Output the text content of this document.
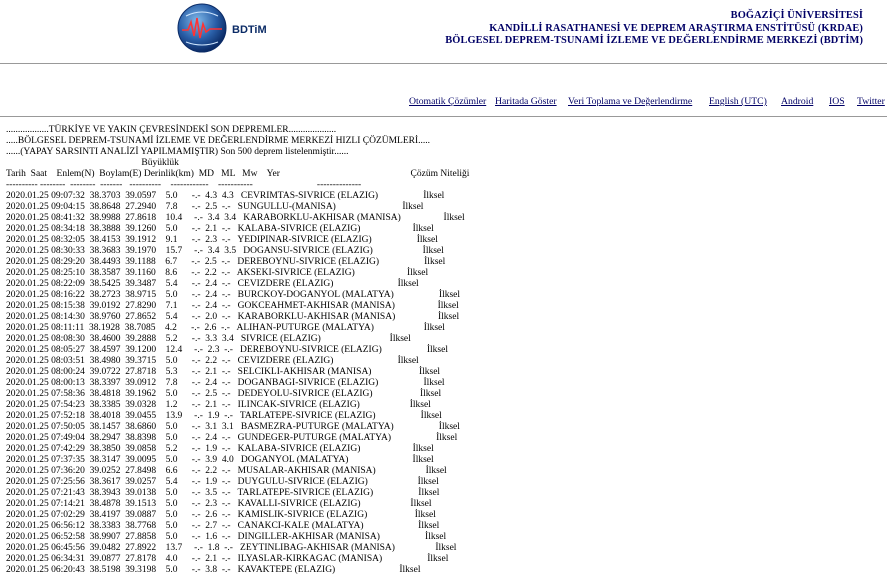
BDTiM
BOĞAZİÇİ ÜNİVERSİTESİ
KANDİLLİ RASATHANESİ VE DEPREM ARAŞTIRMA ENSTİTÜSÜ (KRDAE)
BÖLGESEL DEPREM-TSUNAMİ İZLEME VE DEĞERLENDİRME MERKEZİ (BDTİM)
Otomatik Çözümler Haritada Göster Veri Toplama ve Değerlendirme English (UTC) Android IOS Twitter
..................TÜRKİYE VE YAKIN ÇEVRESİNDEKİ SON DEPREMLER....................
.....BÖLGESEL DEPREM-TSUNAMİ İZLEME VE DEĞERLENDİRME MERKEZİ HIZLI ÇÖZÜMLERİ.....
......(YAPAY SARSINTI ANALİZİ YAPILMAMIŞTIR) Son 500 deprem listelenmiştir......
Büyüklük
Tarih  Saat    Enlem(N)  Boylam(E) Derinlik(km)  MD   ML   Mw    Yer                                                       Çözüm Niteliği
---------- --------  --------  -------   ----------    ------------    -----------                           --------------
2020.01.25 09:07:32  38.3703  39.0597    5.0      -.-  4.3  4.3   CEVRIMTAS-SIVRICE (ELAZIG)                   İlksel
2020.01.25 09:04:15  38.8648  27.2940    7.8      -.-  2.5  -.-   SUNGULLU-(MANISA)                            İlksel
2020.01.25 08:41:32  38.9988  27.8618    10.4     -.-  3.4  3.4   KARABORKLU-AKHISAR (MANISA)                  İlksel
2020.01.25 08:34:18  38.3888  39.1260    5.0      -.-  2.1  -.-   KALABA-SIVRICE (ELAZIG)                      İlksel
2020.01.25 08:32:05  38.4153  39.1912    9.1      -.-  2.3  -.-   YEDIPINAR-SIVRICE (ELAZIG)                   İlksel
2020.01.25 08:30:33  38.3683  39.1970    15.7     -.-  3.4  3.5   DOGANSU-SIVRICE (ELAZIG)                     İlksel
2020.01.25 08:29:20  38.4493  39.1188    6.7      -.-  2.5  -.-   DEREBOYNU-SIVRICE (ELAZIG)                   İlksel
2020.01.25 08:25:10  38.3587  39.1160    8.6      -.-  2.2  -.-   AKSEKI-SIVRICE (ELAZIG)                      İlksel
2020.01.25 08:22:09  38.5425  39.3487    5.4      -.-  2.4  -.-   CEVIZDERE (ELAZIG)                           İlksel
2020.01.25 08:16:22  38.2723  38.9715    5.0      -.-  2.4  -.-   BURCKOY-DOGANYOL (MALATYA)                   İlksel
2020.01.25 08:15:38  39.0192  27.8290    7.1      -.-  2.4  -.-   GOKCEAHMET-AKHISAR (MANISA)                  İlksel
2020.01.25 08:14:30  38.9760  27.8652    5.4      -.-  2.0  -.-   KARABORKLU-AKHISAR (MANISA)                  İlksel
2020.01.25 08:11:11  38.1928  38.7085    4.2      -.-  2.6  -.-   ALIHAN-PUTURGE (MALATYA)                     İlksel
2020.01.25 08:08:30  38.4600  39.2888    5.2      -.-  3.3  3.4   SIVRICE (ELAZIG)                             İlksel
2020.01.25 08:05:27  38.4597  39.1200    12.4     -.-  2.3  -.-   DEREBOYNU-SIVRICE (ELAZIG)                   İlksel
2020.01.25 08:03:51  38.4980  39.3715    5.0      -.-  2.2  -.-   CEVIZDERE (ELAZIG)                           İlksel
2020.01.25 08:00:24  39.0722  27.8718    5.3      -.-  2.1  -.-   SELCIKLI-AKHISAR (MANISA)                    İlksel
2020.01.25 08:00:13  38.3397  39.0912    7.8      -.-  2.4  -.-   DOGANBAGI-SIVRICE (ELAZIG)                   İlksel
2020.01.25 07:58:36  38.4818  39.1962    5.0      -.-  2.5  -.-   DEDEYOLU-SIVRICE (ELAZIG)                    İlksel
2020.01.25 07:54:23  38.3385  39.0328    1.2      -.-  2.1  -.-   ILINCAK-SIVRICE (ELAZIG)                     İlksel
2020.01.25 07:52:18  38.4018  39.0455    13.9     -.-  1.9  -.-   TARLATEPE-SIVRICE (ELAZIG)                   İlksel
2020.01.25 07:50:05  38.1457  38.6860    5.0      -.-  3.1  3.1   BASMEZRA-PUTURGE (MALATYA)                   İlksel
2020.01.25 07:49:04  38.2947  38.8398    5.0      -.-  2.4  -.-   GUNDEGER-PUTURGE (MALATYA)                   İlksel
2020.01.25 07:42:29  38.3850  39.0858    5.2      -.-  1.9  -.-   KALABA-SIVRICE (ELAZIG)                      İlksel
2020.01.25 07:37:35  38.3147  39.0095    5.0      -.-  3.9  4.0   DOGANYOL (MALATYA)                           İlksel
2020.01.25 07:36:20  39.0252  27.8498    6.6      -.-  2.2  -.-   MUSALAR-AKHISAR (MANISA)                     İlksel
2020.01.25 07:25:56  38.3617  39.0257    5.4      -.-  1.9  -.-   DUYGULU-SIVRICE (ELAZIG)                     İlksel
2020.01.25 07:21:43  38.3943  39.0138    5.0      -.-  3.5  -.-   TARLATEPE-SIVRICE (ELAZIG)                   İlksel
2020.01.25 07:14:21  38.4878  39.1513    5.0      -.-  2.3  -.-   KAVALLI-SIVRICE (ELAZIG)                     İlksel
2020.01.25 07:02:29  38.4197  39.0887    5.0      -.-  2.6  -.-   KAMISLIK-SIVRICE (ELAZIG)                    İlksel
2020.01.25 06:56:12  38.3383  38.7768    5.0      -.-  2.7  -.-   CANAKCI-KALE (MALATYA)                       İlksel
2020.01.25 06:52:58  38.9907  27.8858    5.0      -.-  1.6  -.-   DINGILLER-AKHISAR (MANISA)                   İlksel
2020.01.25 06:45:56  39.0482  27.8922    13.7     -.-  1.8  -.-   ZEYTINLIBAG-AKHISAR (MANISA)                 İlksel
2020.01.25 06:34:31  39.0877  27.8178    4.0      -.-  2.1  -.-   ILYASLAR-KIRKAGAC (MANISA)                   İlksel
2020.01.25 06:20:43  38.5198  39.3198    5.0      -.-  3.8  -.-   KAVAKTEPE (ELAZIG)                           İlksel
